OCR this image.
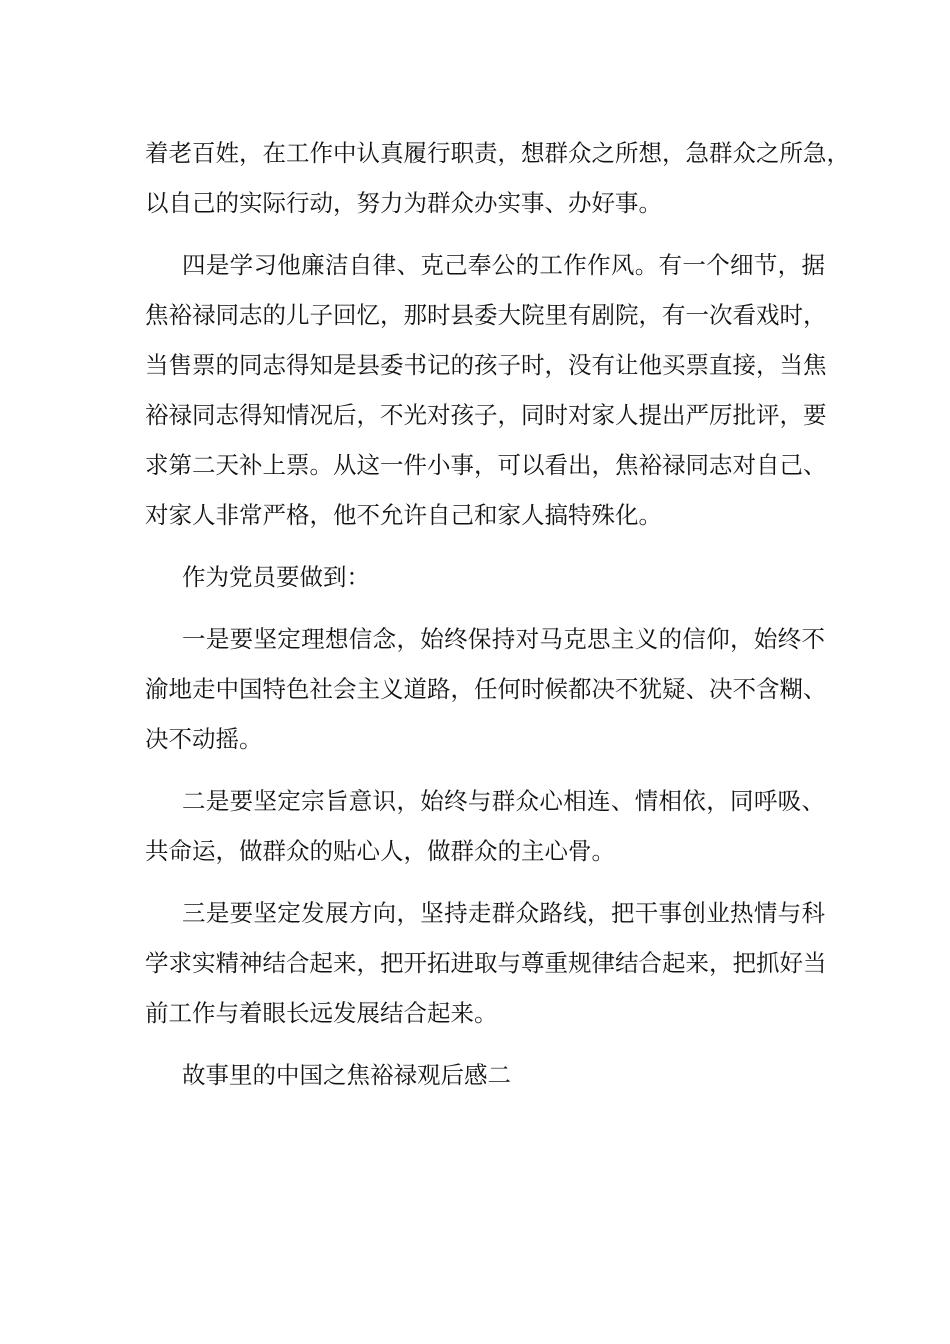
着老百姓，在工作中认真履行职责，想群众之所想，急群众之所急，
以自己的实际行动，努力为群众办实事、办好事。

四是学习他廉洁自律、克己奉公的工作作风。有一个细节，据
焦裕禄同志的儿子回忆，那时县委大院里有剧院，有一次看戏时，
当售票的同志得知是县委书记的孩子时，没有让他买票直接，当焦
裕禄同志得知情况后，不光对孩子，同时对家人提出严厉批评，要
求第二天补上票。从这一件小事，可以看出，焦裕禄同志对自己、
对家人非常严格，他不允许自己和家人搞特殊化。

作为党员要做到：

一是要坚定理想信念，始终保持对马克思主义的信仰，始终不
渝地走中国特色社会主义道路，任何时候都决不犹疑、决不含糊、
决不动摇。

二是要坚定宗旨意识，始终与群众心相连、情相依，同呼吸、
共命运，做群众的贴心人，做群众的主心骨。

三是要坚定发展方向，坚持走群众路线，把干事创业热情与科
学求实精神结合起来，把开拓进取与尊重规律结合起来，把抓好当
前工作与着眼长远发展结合起来。

故事里的中国之焦裕禄观后感二
